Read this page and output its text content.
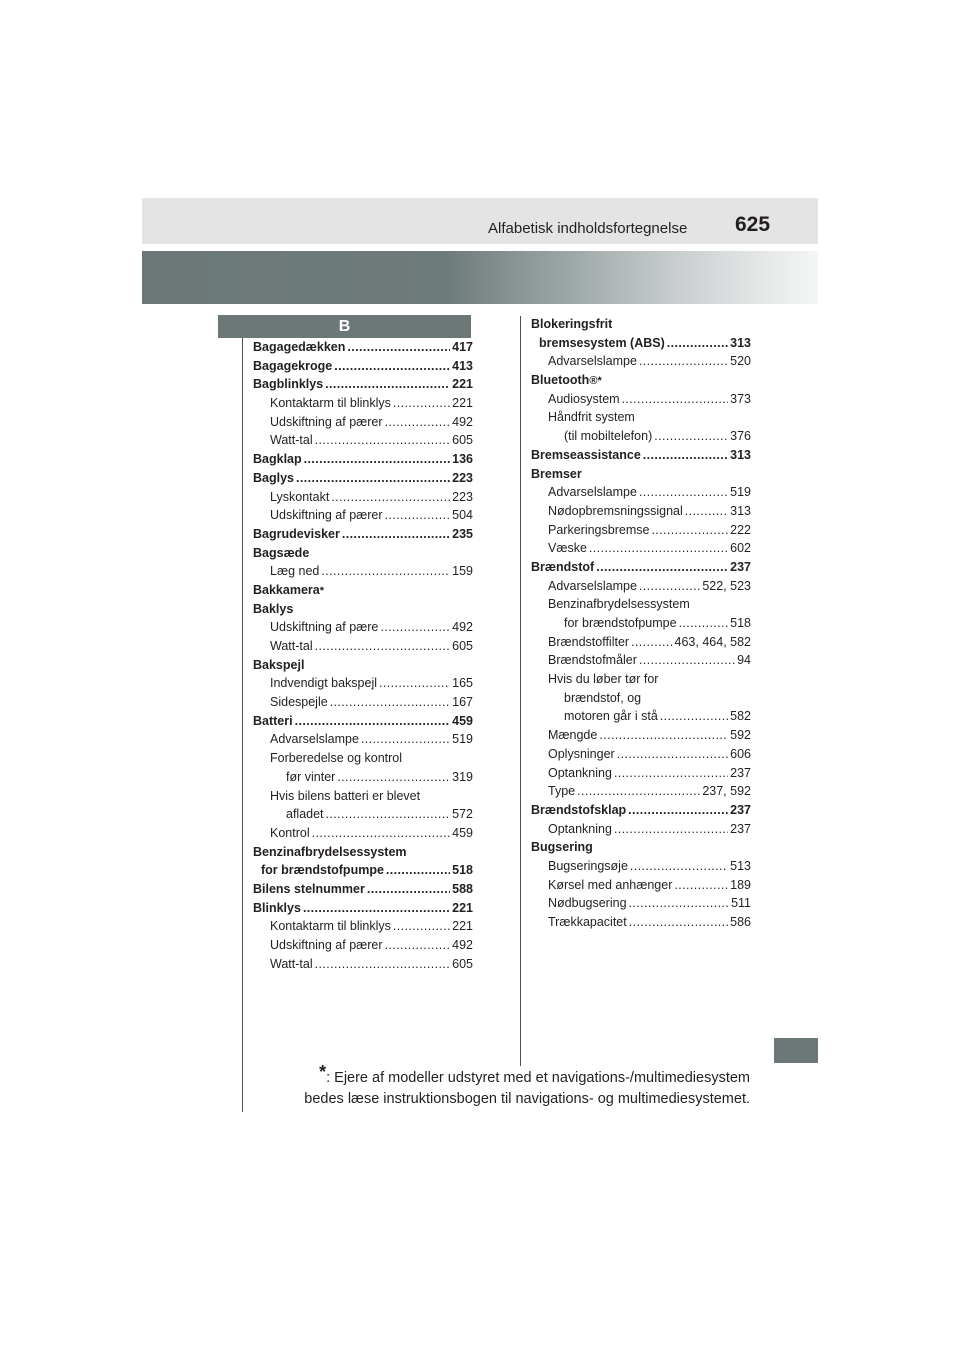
Alfabetisk indholdsfortegnelse 625
B
Bagagedækken .....	417
Bagagekroge .....	413
Bagblinklys .....	221
Kontaktarm til blinklys .....	221
Udskiftning af pærer .....	492
Watt-tal .....	605
Bagklap .....	136
Baglys .....	223
Lyskontakt .....	223
Udskiftning af pærer .....	504
Bagrudevisker .....	235
Bagsæde
Læg ned .....	159
Bakkamera *
Baklys
Udskiftning af pære .....	492
Watt-tal .....	605
Bakspejl
Indvendigt bakspejl .....	165
Sidespejle .....	167
Batteri .....	459
Advarselslampe .....	519
Forberedelse og kontrol
før vinter .....	319
Hvis bilens batteri er blevet
afladet .....	572
Kontrol .....	459
Benzinafbrydelsessystem
for brændstofpumpe .....	518
Bilens stelnummer .....	588
Blinklys .....	221
Kontaktarm til blinklys .....	221
Udskiftning af pærer .....	492
Watt-tal .....	605
Blokeringsfrit
bremsesystem (ABS) .....	313
Advarselslampe .....	520
Bluetooth ® *
Audiosystem .....	373
Håndfrit system
(til mobiltelefon) .....	376
Bremseassistance .....	313
Bremser
Advarselslampe .....	519
Nødopbremsningssignal .....	313
Parkeringsbremse .....	222
Væske .....	602
Brændstof .....	237
Advarselslampe .....	522, 523
Benzinafbrydelsessystem
for brændstofpumpe .....	518
Brændstoffilter .....	463, 464, 582
Brændstofmåler .....	94
Hvis du løber tør for
brændstof, og
motoren går i stå .....	582
Mængde .....	592
Oplysninger .....	606
Optankning .....	237
Type .....	237, 592
Brændstofsklap .....	237
Optankning .....	237
Bugsering
Bugseringsøje .....	513
Kørsel med anhænger .....	189
Nødbugsering .....	511
Trækkapacitet .....	586
*: Ejere af modeller udstyret med et navigations-/multimediesystem
bedes læse instruktionsbogen til navigations- og multimediesystemet.
